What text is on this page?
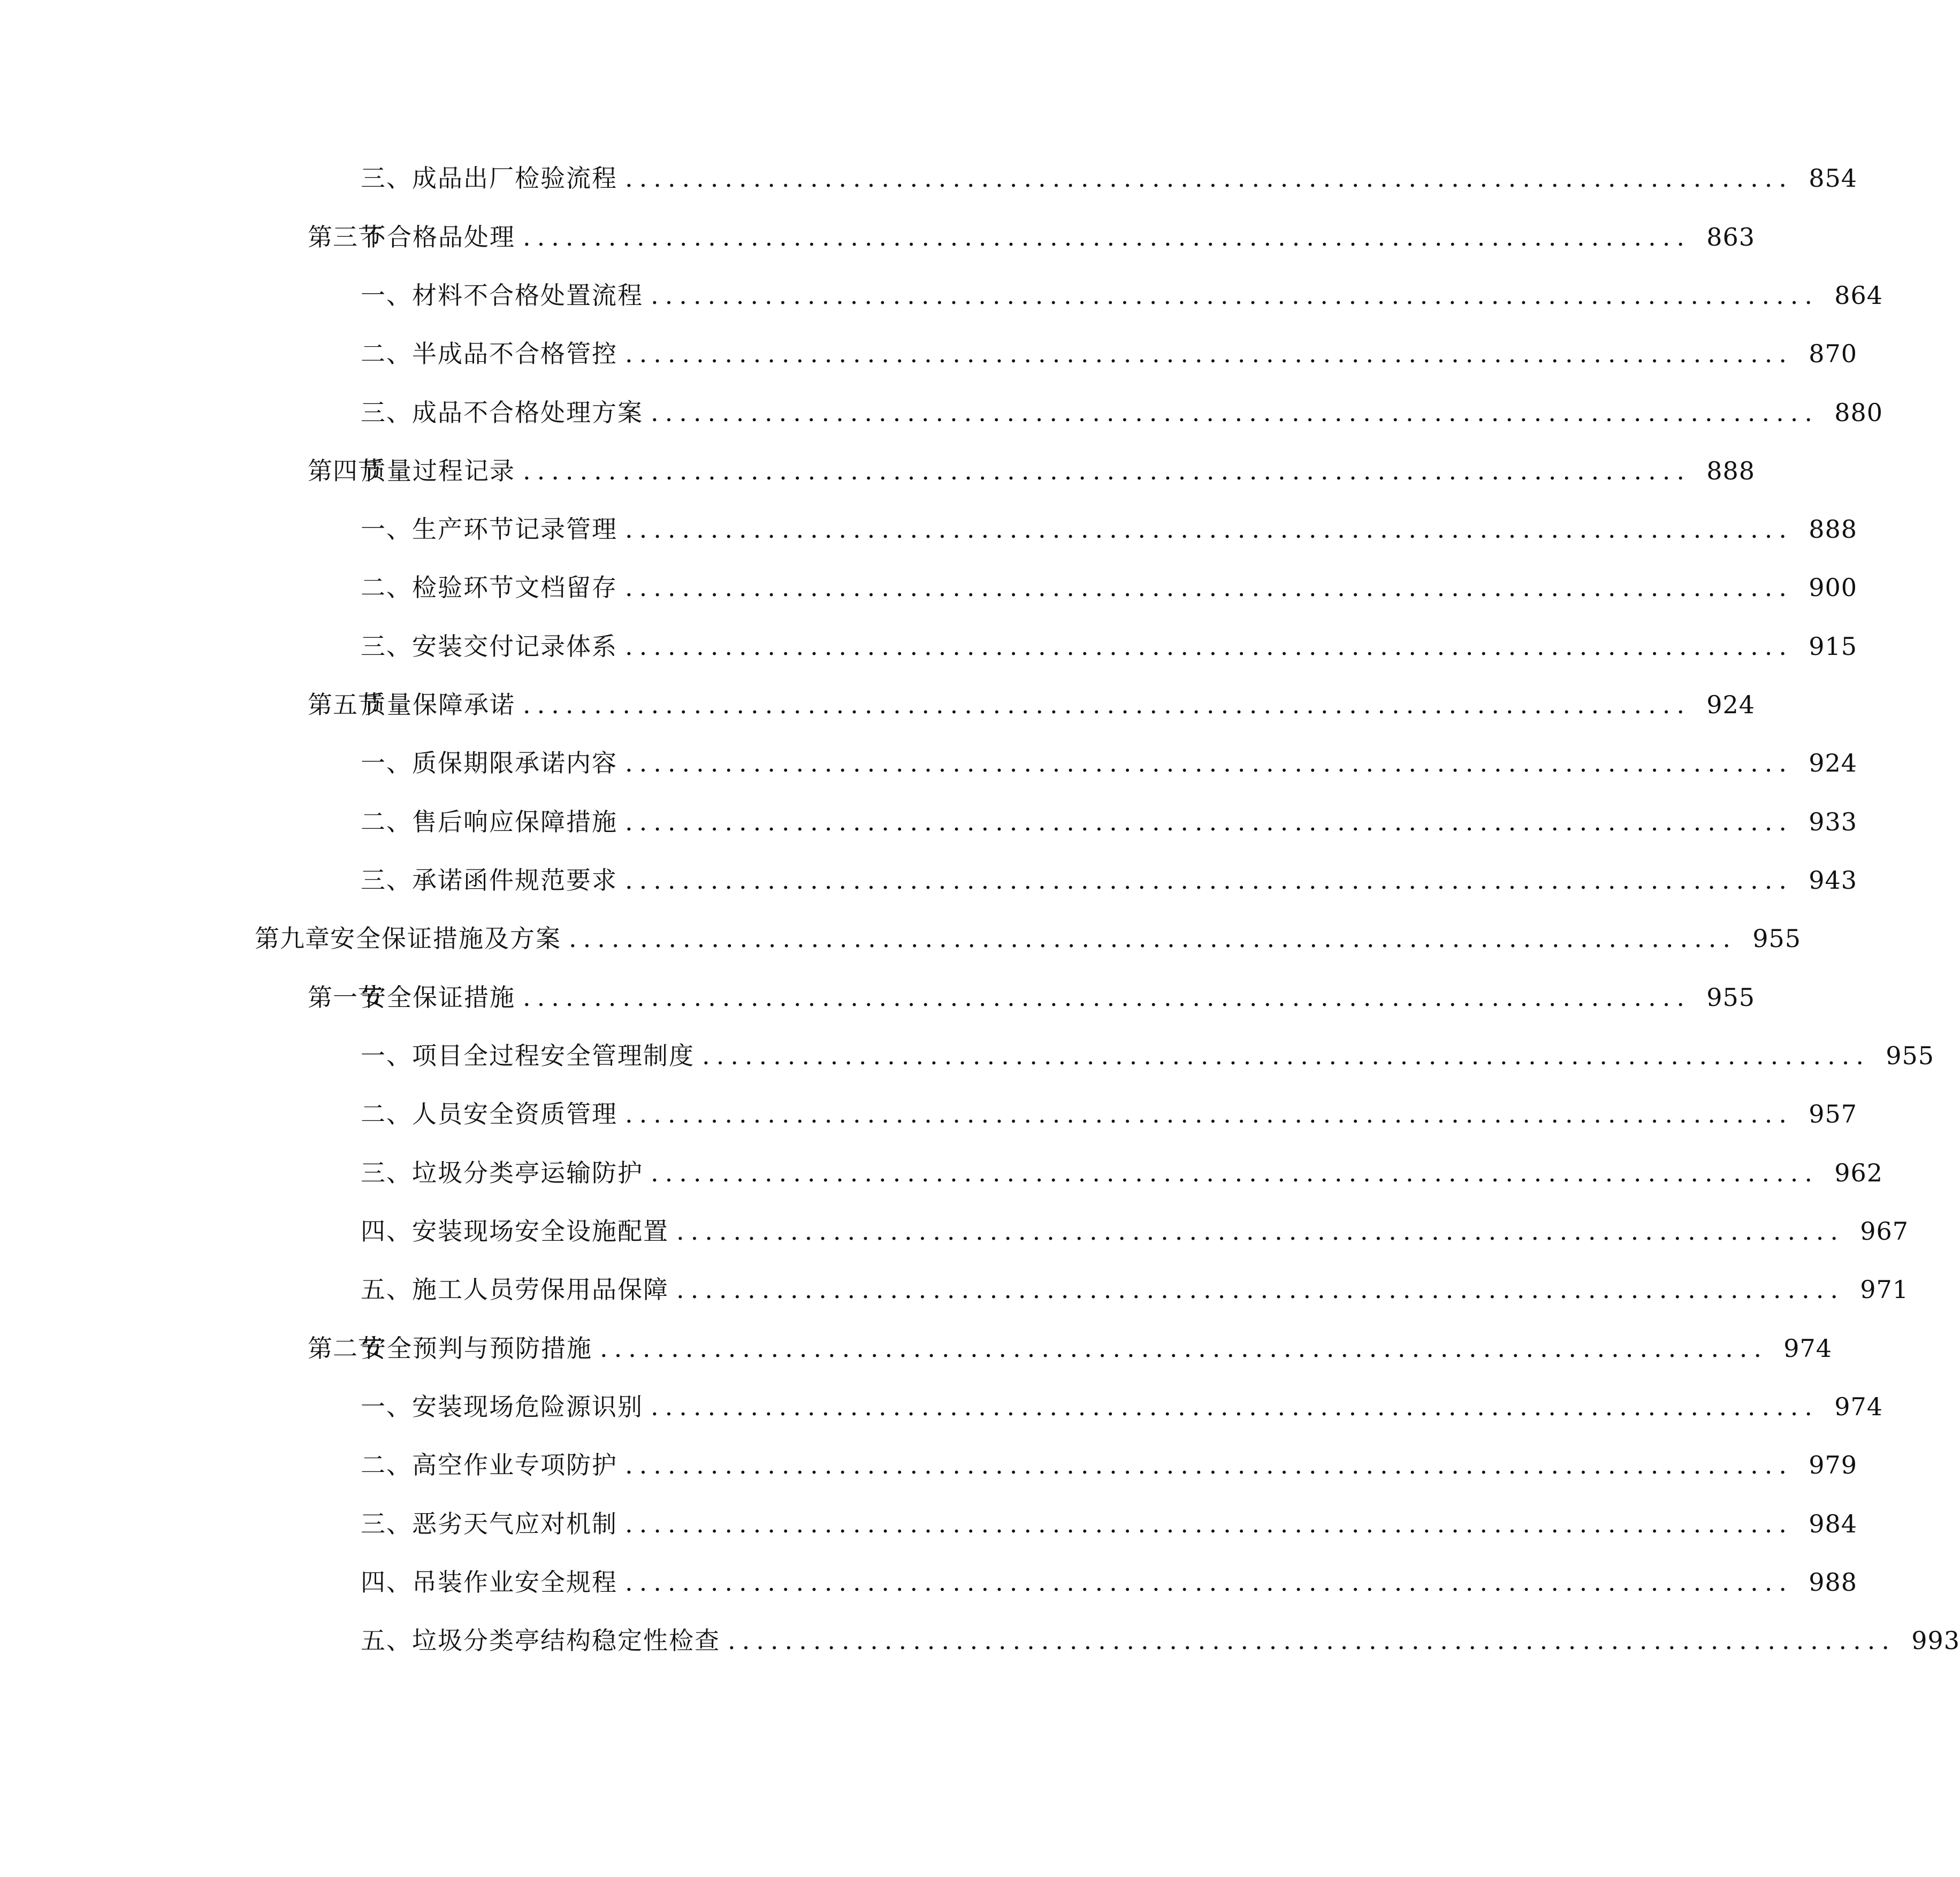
三、 成品出厂检验流程 .................................................................................. 854
第三节
不合格品处理 .................................................................................. 863
一、 材料不合格处置流程 .................................................................................. 864
二、 半成品不合格管控 .................................................................................. 870
三、 成品不合格处理方案 .................................................................................. 880
第四节
质量过程记录 .................................................................................. 888
一、 生产环节记录管理 .................................................................................. 888
二、 检验环节文档留存 .................................................................................. 900
三、 安装交付记录体系 .................................................................................. 915
第五节
质量保障承诺 .................................................................................. 924
一、 质保期限承诺内容 .................................................................................. 924
二、 售后响应保障措施 .................................................................................. 933
三、 承诺函件规范要求 .................................................................................. 943
第九章 安全保证措施及方案 .................................................................................. 955
第一节
安全保证措施 .................................................................................. 955
一、 项目全过程安全管理制度 .................................................................................. 955
二、 人员安全资质管理 .................................................................................. 957
三、 垃圾分类亭运输防护 .................................................................................. 962
四、 安装现场安全设施配置 .................................................................................. 967
五、 施工人员劳保用品保障 .................................................................................. 971
第二节
安全预判与预防措施 .................................................................................. 974
一、 安装现场危险源识别 .................................................................................. 974
二、 高空作业专项防护 .................................................................................. 979
三、 恶劣天气应对机制 .................................................................................. 984
四、 吊装作业安全规程 .................................................................................. 988
五、 垃圾分类亭结构稳定性检查 .................................................................................. 993
